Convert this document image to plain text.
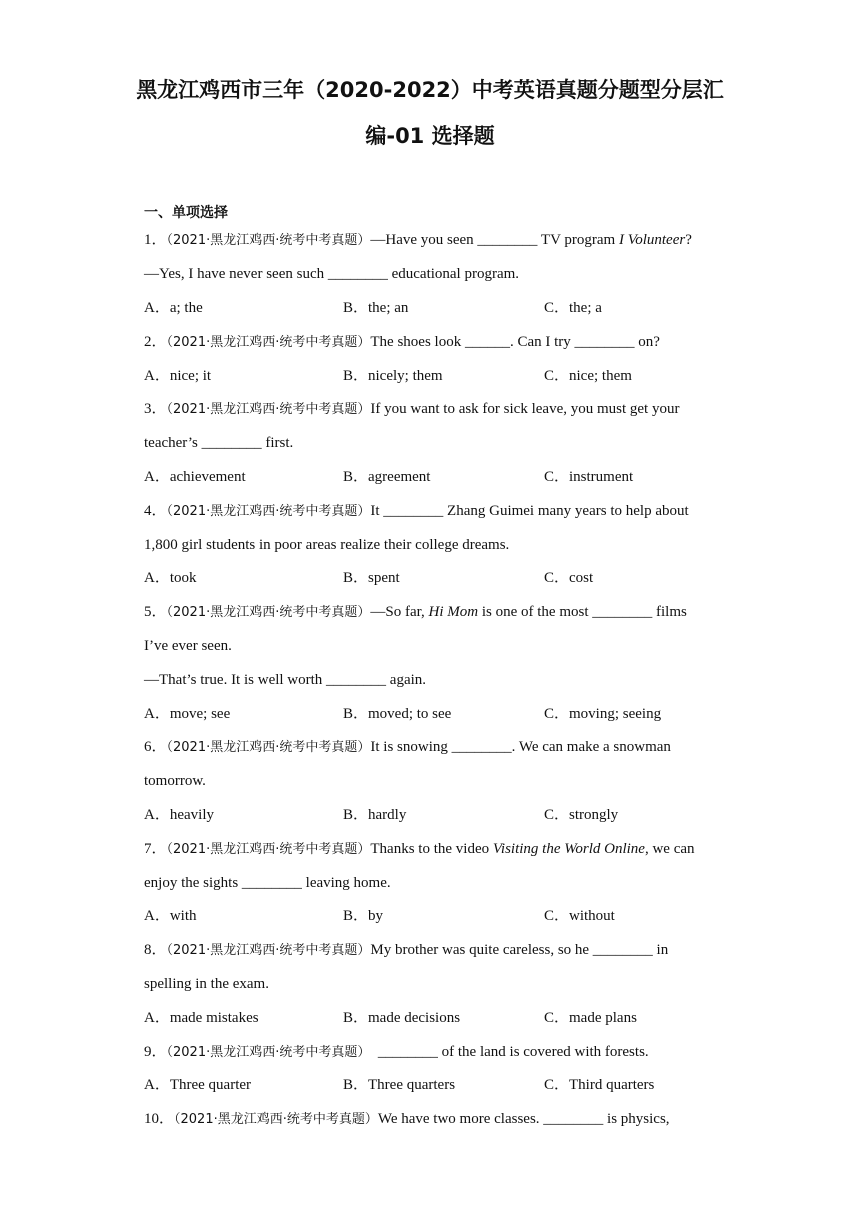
黑龙江鸡西市三年（2020-2022）中考英语真题分题型分层汇
编-01 选择题
一、单项选择
1．（2021·黑龙江鸡西·统考中考真题）—Have you seen ________ TV program I Volunteer?
—Yes, I have never seen such ________ educational program.
A．a; the	B．the; an	C．the; a
2．（2021·黑龙江鸡西·统考中考真题）The shoes look ______. Can I try ________ on?
A．nice; it	B．nicely; them	C．nice; them
3．（2021·黑龙江鸡西·统考中考真题）If you want to ask for sick leave, you must get your
teacher’s ________ first.
A．achievement	B．agreement	C．instrument
4．（2021·黑龙江鸡西·统考中考真题）It ________ Zhang Guimei many years to help about
1,800 girl students in poor areas realize their college dreams.
A．took	B．spent	C．cost
5．（2021·黑龙江鸡西·统考中考真题）—So far, Hi Mom is one of the most ________ films
I’ve ever seen.
—That’s true. It is well worth ________ again.
A．move; see	B．moved; to see	C．moving; seeing
6．（2021·黑龙江鸡西·统考中考真题）It is snowing ________. We can make a snowman
tomorrow.
A．heavily	B．hardly	C．strongly
7．（2021·黑龙江鸡西·统考中考真题）Thanks to the video Visiting the World Online, we can
enjoy the sights ________ leaving home.
A．with	B．by	C．without
8．（2021·黑龙江鸡西·统考中考真题）My brother was quite careless, so he ________ in
spelling in the exam.
A．made mistakes	B．made decisions	C．made plans
9．（2021·黑龙江鸡西·统考中考真题）  ________ of the land is covered with forests.
A．Three quarter	B．Three quarters	C．Third quarters
10．（2021·黑龙江鸡西·统考中考真题）We have two more classes. ________ is physics,
